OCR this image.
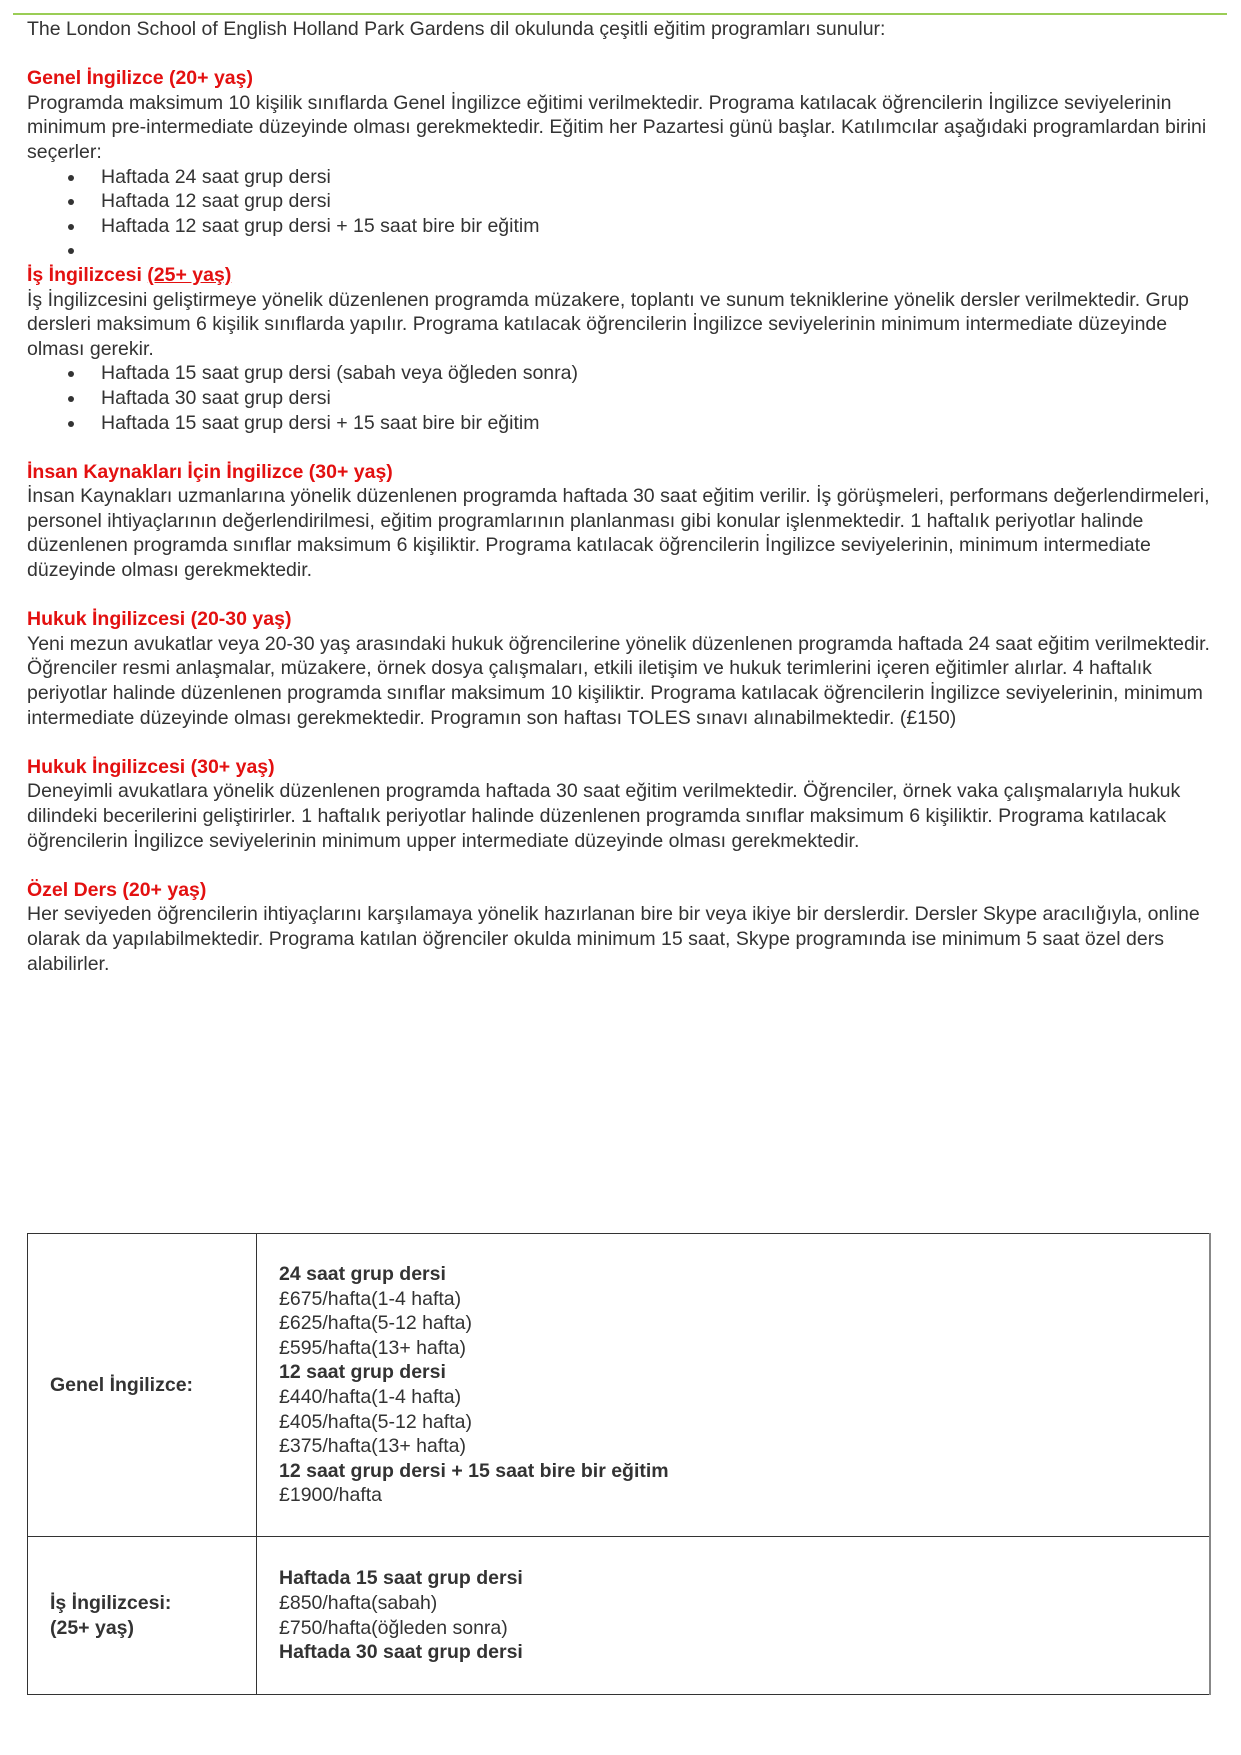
The London School of English Holland Park Gardens dil okulunda çeşitli eğitim programları sunulur:

Genel İngilizce (20+ yaş)

Programda maksimum 10 kişilik sınıflarda Genel İngilizce eğitimi verilmektedir. Programa katılacak öğrencilerin İngilizce seviyelerinin minimum pre-intermediate düzeyinde olması gerekmektedir. Eğitim her Pazartesi günü başlar. Katılımcılar aşağıdaki programlardan birini seçerler:

Haftada 24 saat grup dersi
Haftada 12 saat grup dersi
Haftada 12 saat grup dersi + 15 saat bire bir eğitim

İş İngilizcesi (25+ yaş)

İş İngilizcesini geliştirmeye yönelik düzenlenen programda müzakere, toplantı ve sunum tekniklerine yönelik dersler verilmektedir. Grup dersleri maksimum 6 kişilik sınıflarda yapılır. Programa katılacak öğrencilerin İngilizce seviyelerinin minimum intermediate düzeyinde olması gerekir.

Haftada 15 saat grup dersi (sabah veya öğleden sonra)
Haftada 30 saat grup dersi
Haftada 15 saat grup dersi + 15 saat bire bir eğitim

İnsan Kaynakları İçin İngilizce (30+ yaş)

İnsan Kaynakları uzmanlarına yönelik düzenlenen programda haftada 30 saat eğitim verilir. İş görüşmeleri, performans değerlendirmeleri, personel ihtiyaçlarının değerlendirilmesi, eğitim programlarının planlanması gibi konular işlenmektedir. 1 haftalık periyotlar halinde düzenlenen programda sınıflar maksimum 6 kişiliktir. Programa katılacak öğrencilerin İngilizce seviyelerinin, minimum intermediate düzeyinde olması gerekmektedir.

Hukuk İngilizcesi (20-30 yaş)

Yeni mezun avukatlar veya 20-30 yaş arasındaki hukuk öğrencilerine yönelik düzenlenen programda haftada 24 saat eğitim verilmektedir. Öğrenciler resmi anlaşmalar, müzakere, örnek dosya çalışmaları, etkili iletişim ve hukuk terimlerini içeren eğitimler alırlar. 4 haftalık periyotlar halinde düzenlenen programda sınıflar maksimum 10 kişiliktir. Programa katılacak öğrencilerin İngilizce seviyelerinin, minimum intermediate düzeyinde olması gerekmektedir. Programın son haftası TOLES sınavı alınabilmektedir. (£150)

Hukuk İngilizcesi (30+ yaş)

Deneyimli avukatlara yönelik düzenlenen programda haftada 30 saat eğitim verilmektedir. Öğrenciler, örnek vaka çalışmalarıyla hukuk dilindeki becerilerini geliştirirler. 1 haftalık periyotlar halinde düzenlenen programda sınıflar maksimum 6 kişiliktir. Programa katılacak öğrencilerin İngilizce seviyelerinin minimum upper intermediate düzeyinde olması gerekmektedir.

Özel Ders (20+ yaş)

Her seviyeden öğrencilerin ihtiyaçlarını karşılamaya yönelik hazırlanan bire bir veya ikiye bir derslerdir. Dersler Skype aracılığıyla, online olarak da yapılabilmektedir. Programa katılan öğrenciler okulda minimum 15 saat, Skype programında ise minimum 5 saat özel ders alabilirler.

Genel İngilizce:	
24 saat grup dersi
£675/hafta(1-4 hafta)
£625/hafta(5-12 hafta)
£595/hafta(13+ hafta)
12 saat grup dersi
£440/hafta(1-4 hafta)
£405/hafta(5-12 hafta)
£375/hafta(13+ hafta)
12 saat grup dersi + 15 saat bire bir eğitim
£1900/hafta

İş İngilizcesi:
(25+ yaş)

Haftada 15 saat grup dersi
£850/hafta(sabah)
£750/hafta(öğleden sonra)
Haftada 30 saat grup dersi
